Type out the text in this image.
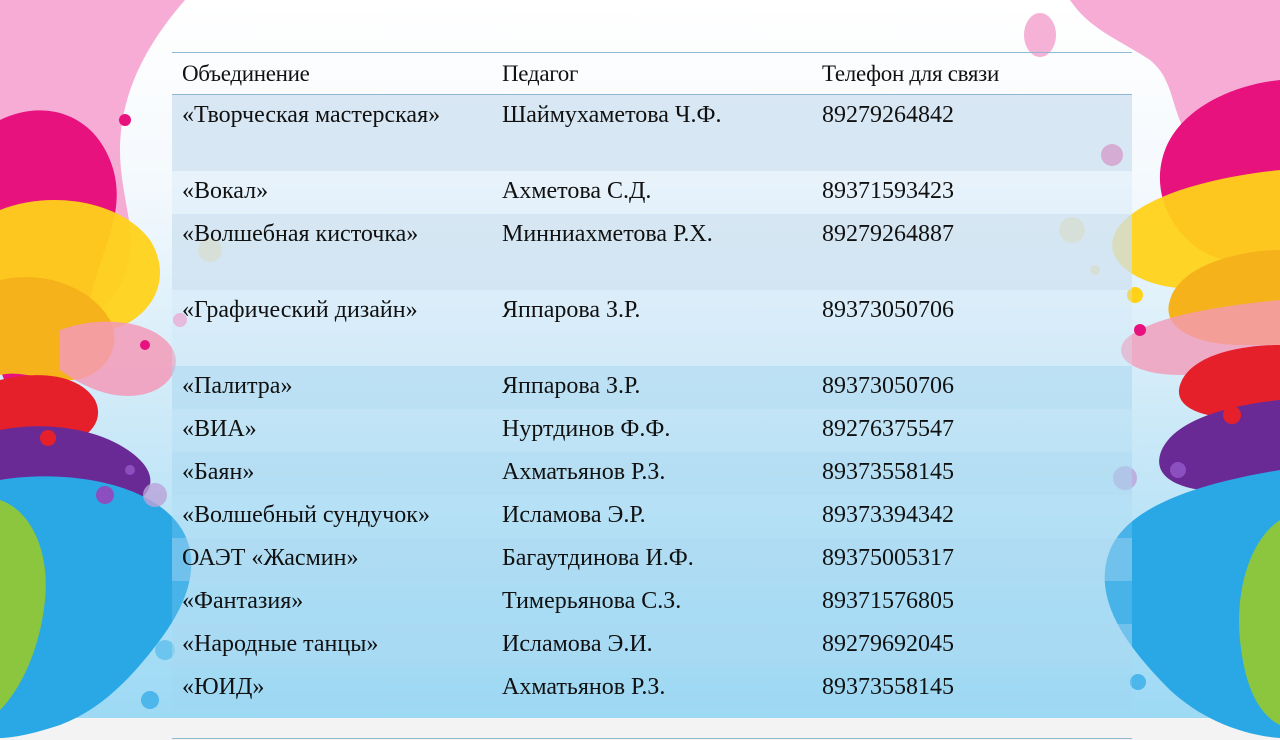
Объединение	Педагог	Телефон для связи
«Творческая мастерская»	Шаймухаметова Ч.Ф.	89279264842
«Вокал»	Ахметова С.Д.	89371593423
«Волшебная кисточка»	Минниахметова Р.Х.	89279264887
«Графический дизайн»	Яппарова З.Р.	89373050706
«Палитра»	Яппарова З.Р.	89373050706
«ВИА»	Нуртдинов Ф.Ф.	89276375547
«Баян»	Ахматьянов Р.З.	89373558145
«Волшебный сундучок»	Исламова Э.Р.	89373394342
ОАЭТ «Жасмин»	Багаутдинова И.Ф.	89375005317
«Фантазия»	Тимерьянова С.З.	89371576805
«Народные танцы»	Исламова Э.И.	89279692045
«ЮИД»	Ахматьянов Р.З.	89373558145
